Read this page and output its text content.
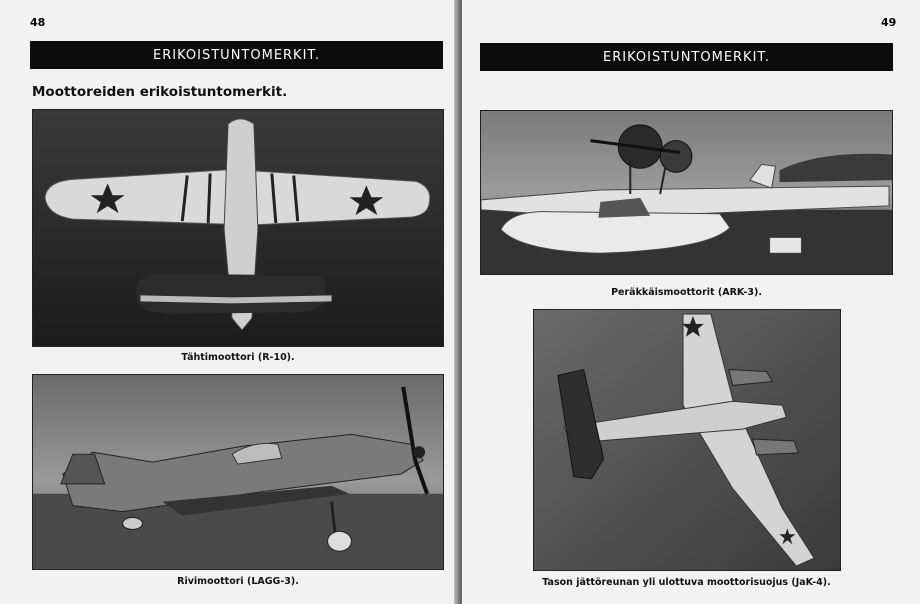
48
ERIKOISTUNTOMERKIT.
Moottoreiden erikoistuntomerkit.
Tähtimoottori (R-10).
Rivimoottori (LAGG-3).
49
ERIKOISTUNTOMERKIT.
Peräkkäismoottorit (ARK-3).
Tason jättöreunan yli ulottuva moottorisuojus (JaK-4).
